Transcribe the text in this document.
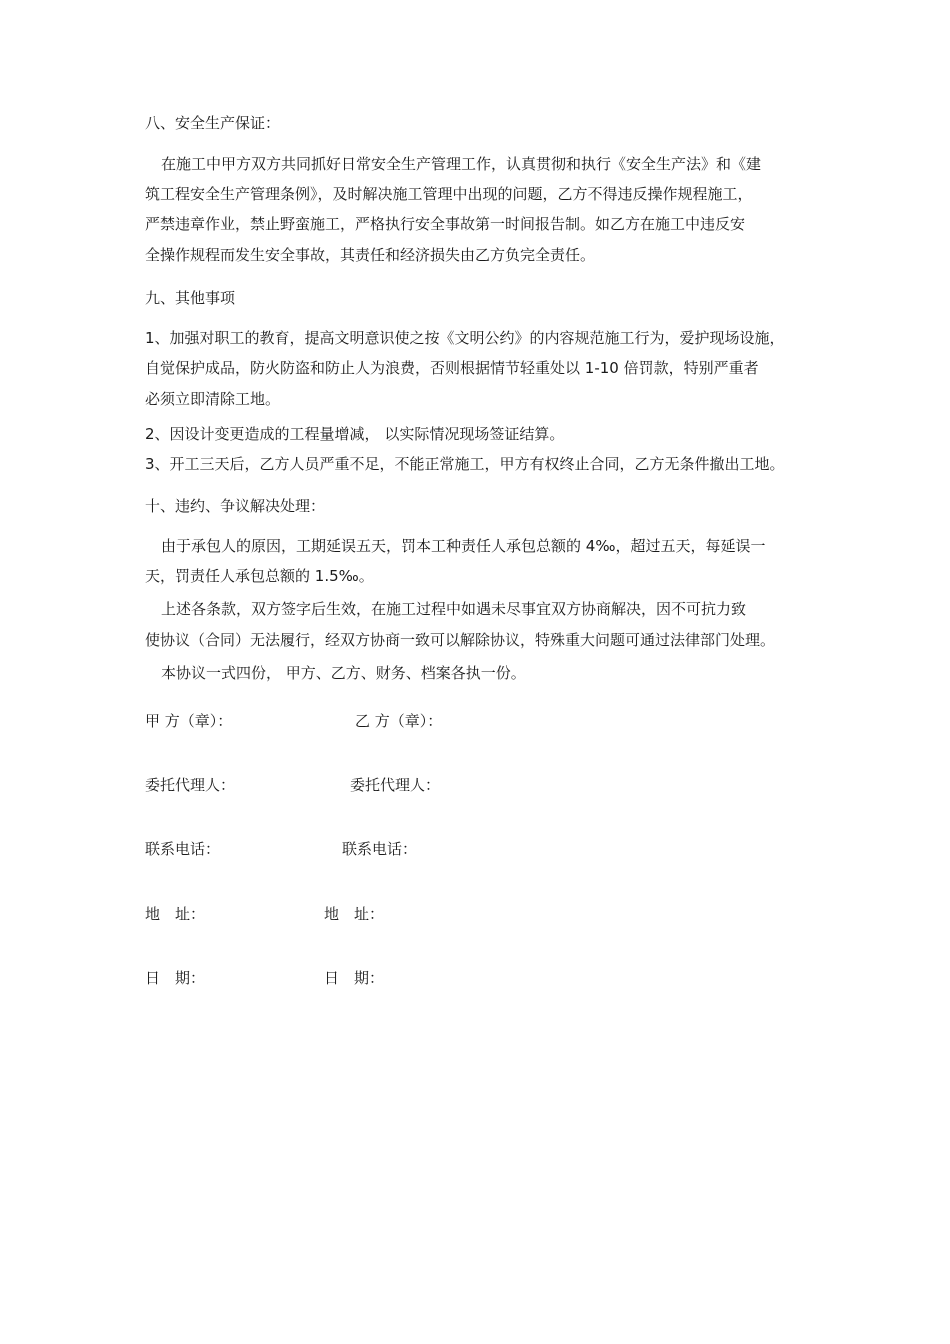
八、安全生产保证：

在施工中甲方双方共同抓好日常安全生产管理工作，认真贯彻和执行《安全生产法》和《建

筑工程安全生产管理条例》，及时解决施工管理中出现的问题，乙方不得违反操作规程施工，

严禁违章作业，禁止野蛮施工，严格执行安全事故第一时间报告制。如乙方在施工中违反安

全操作规程而发生安全事故，其责任和经济损失由乙方负完全责任。

九、其他事项

1、加强对职工的教育，提高文明意识使之按《文明公约》的内容规范施工行为，爱护现场设施，

自觉保护成品，防火防盗和防止人为浪费，否则根据情节轻重处以 1-10 倍罚款，特别严重者

必须立即清除工地。

2、因设计变更造成的工程量增减， 以实际情况现场签证结算。

3、开工三天后，乙方人员严重不足，不能正常施工，甲方有权终止合同，乙方无条件撤出工地。

十、违约、争议解决处理：

由于承包人的原因，工期延误五天，罚本工种责任人承包总额的 4‰，超过五天，每延误一

天，罚责任人承包总额的 1.5‰。

上述各条款，双方签字后生效，在施工过程中如遇未尽事宜双方协商解决，因不可抗力致

使协议（合同）无法履行，经双方协商一致可以解除协议，特殊重大问题可通过法律部门处理。

本协议一式四份， 甲方、乙方、财务、档案各执一份。

甲 方（章）：	乙 方（章）：

委托代理人：	委托代理人：

联系电话：	联系电话：

地　址：	地　址：

日　期：	日　期：
